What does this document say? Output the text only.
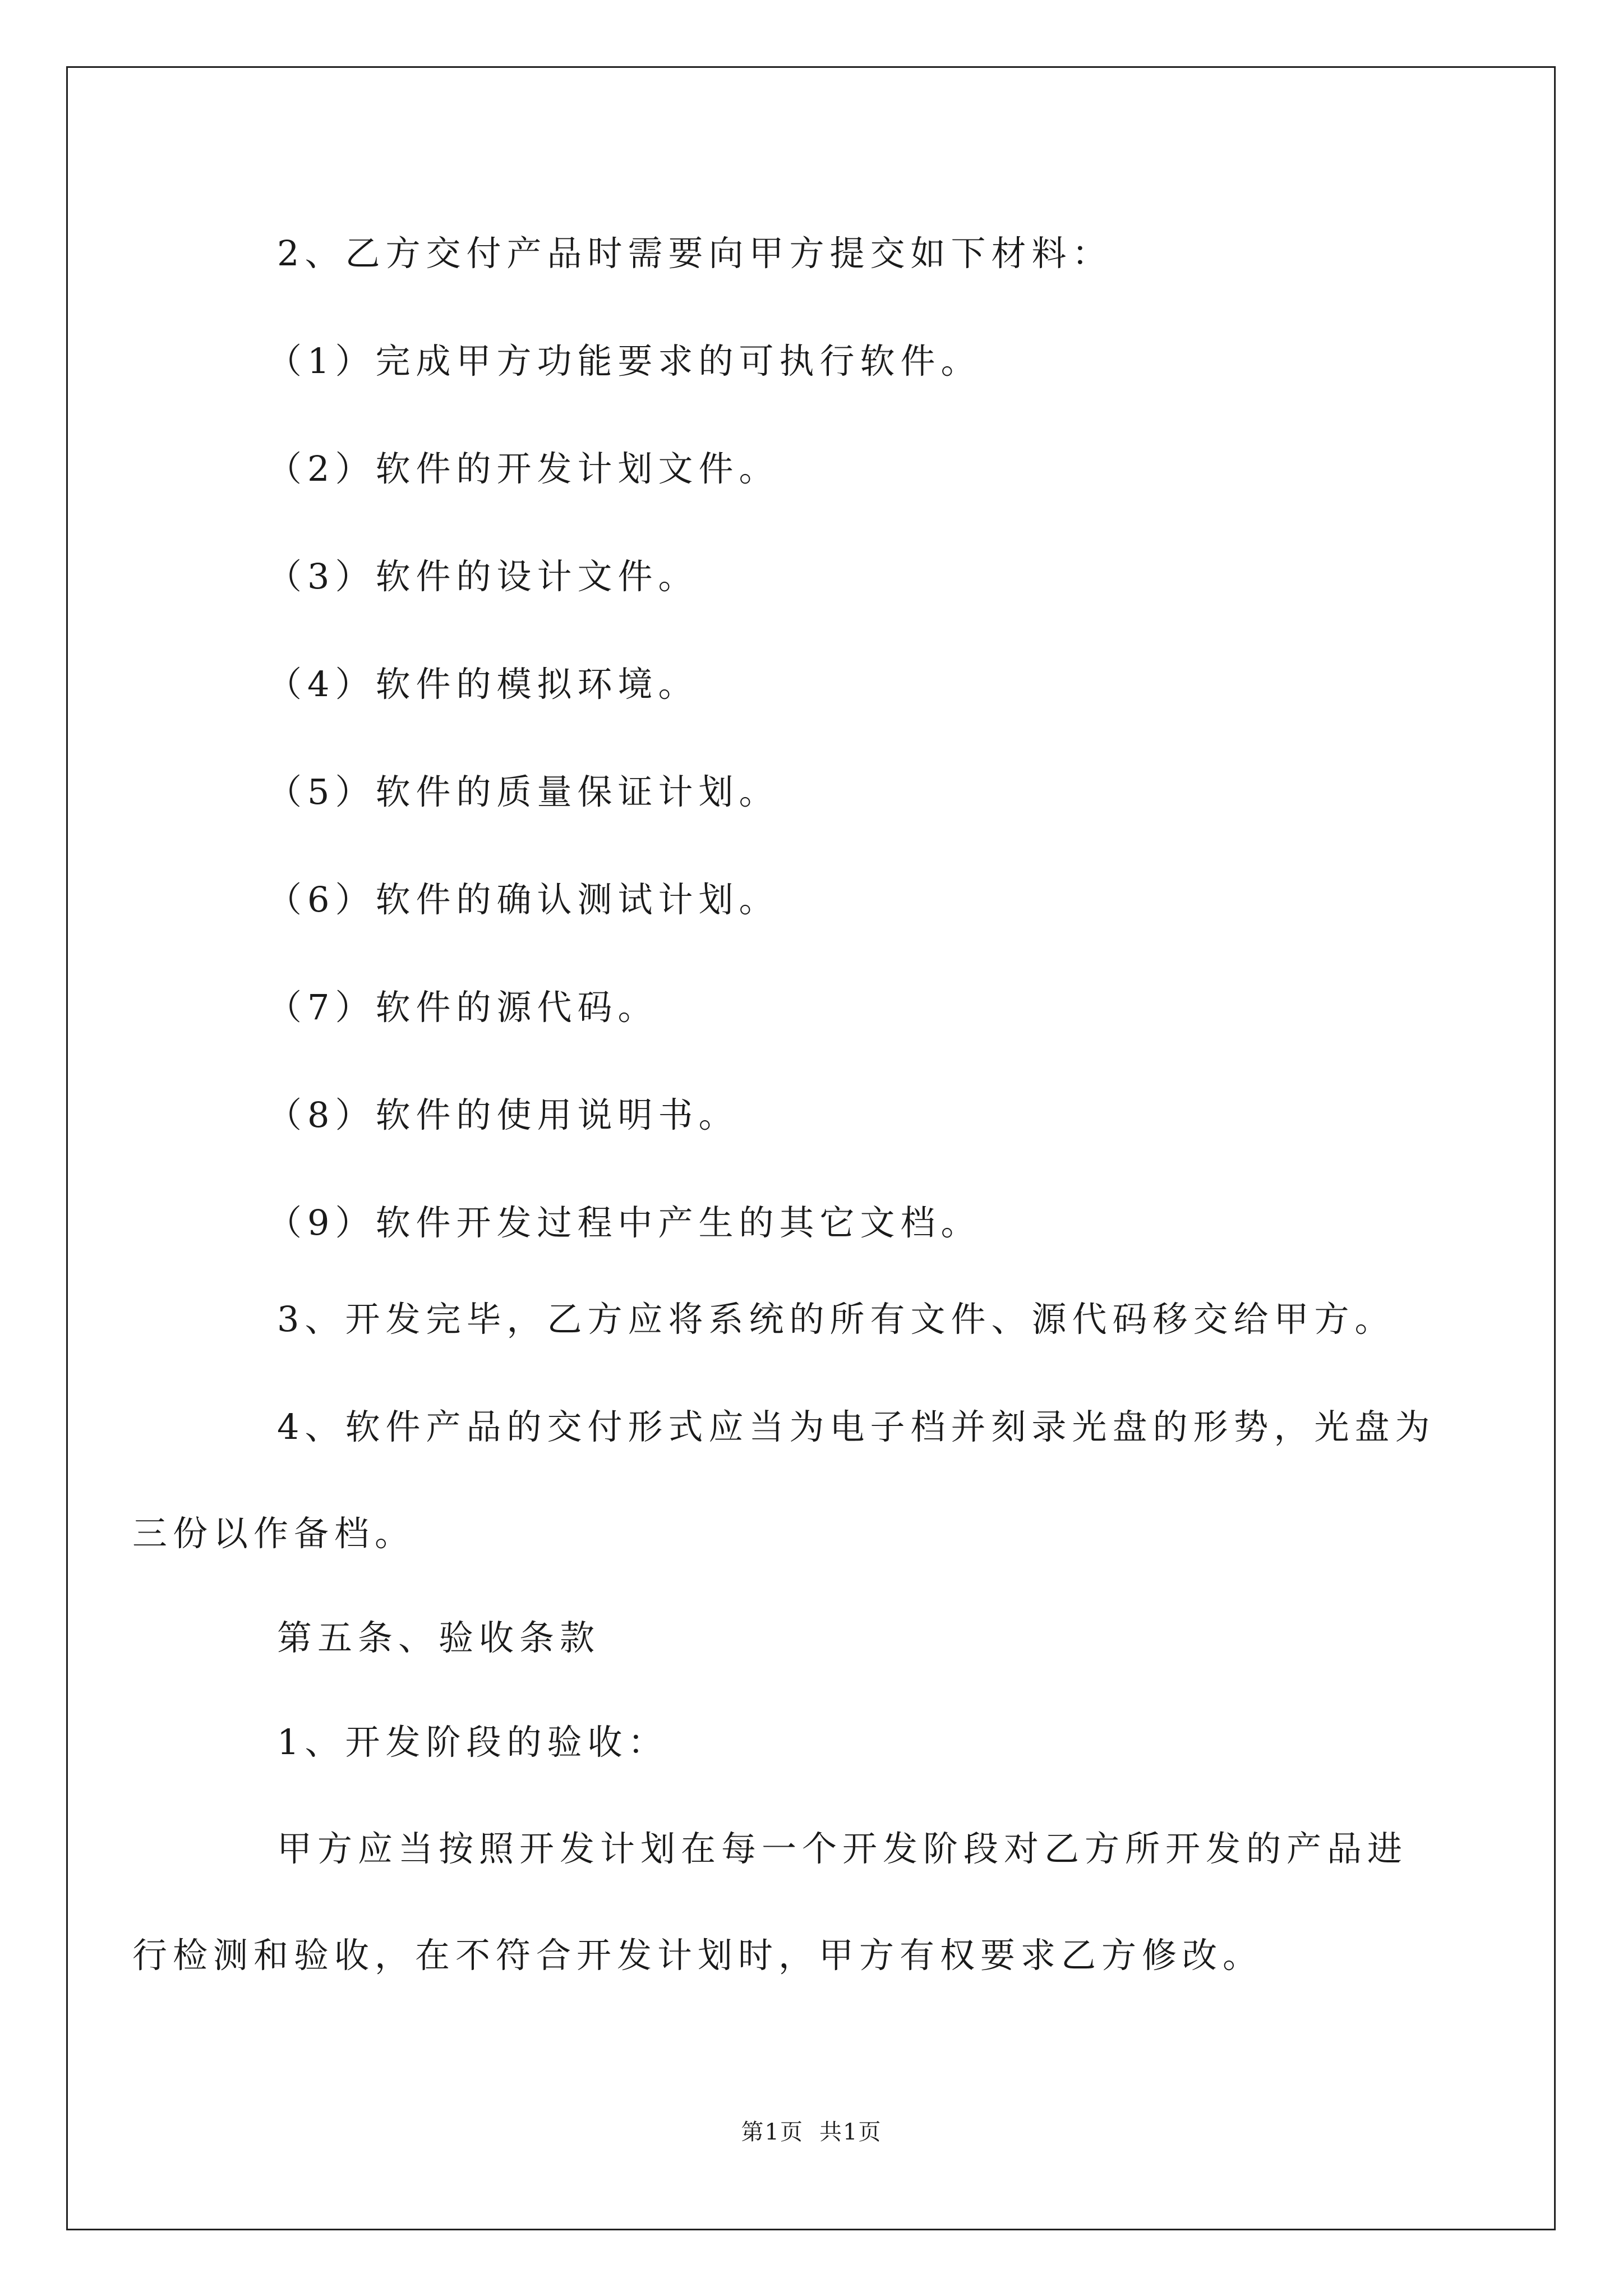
2、乙方交付产品时需要向甲方提交如下材料：
（1）完成甲方功能要求的可执行软件。
（2）软件的开发计划文件。
（3）软件的设计文件。
（4）软件的模拟环境。
（5）软件的质量保证计划。
（6）软件的确认测试计划。
（7）软件的源代码。
（8）软件的使用说明书。
（9）软件开发过程中产生的其它文档。
3、开发完毕，乙方应将系统的所有文件、源代码移交给甲方。
4、软件产品的交付形式应当为电子档并刻录光盘的形势，光盘为
三份以作备档。
第五条、验收条款
1、开发阶段的验收：
甲方应当按照开发计划在每一个开发阶段对乙方所开发的产品进
行检测和验收，在不符合开发计划时，甲方有权要求乙方修改。
第1页 共1页
